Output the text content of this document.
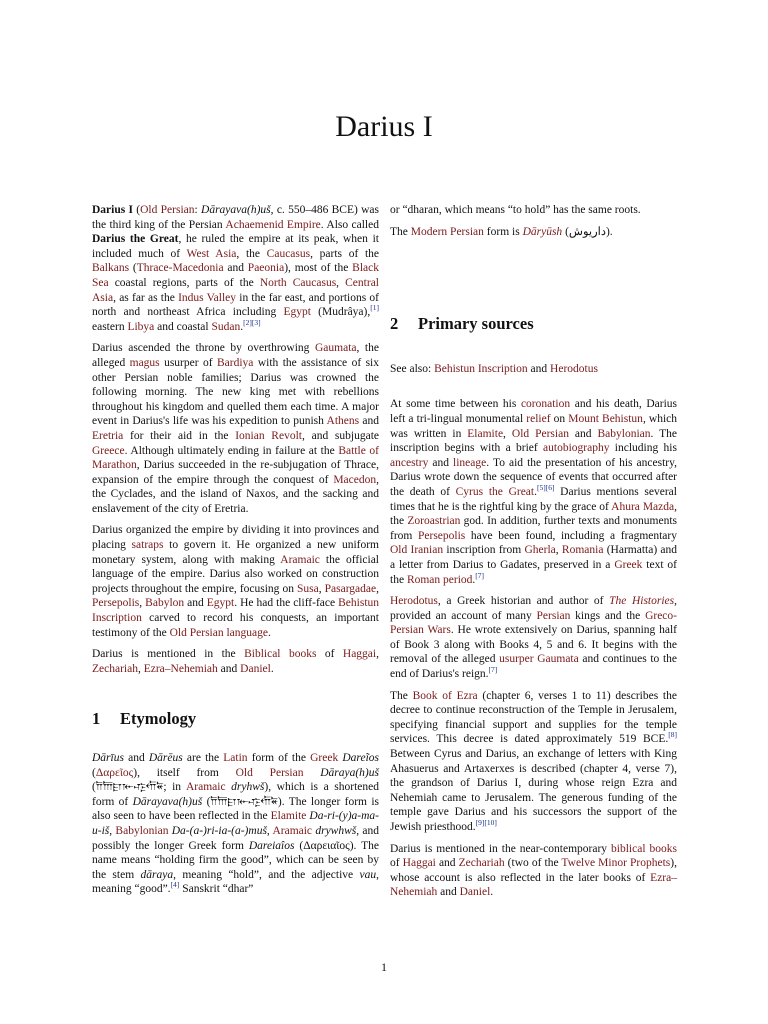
Darius I

Darius I (Old Persian: Dārayava(h)uš, c. 550–486 BCE) was the third king of the Persian Achaemenid Empire. Also called Darius the Great, he ruled the empire at its peak, when it included much of West Asia, the Caucasus, parts of the Balkans (Thrace-Macedonia and Paeonia), most of the Black Sea coastal regions, parts of the North Caucasus, Central Asia, as far as the Indus Valley in the far east, and portions of north and northeast Africa including Egypt (Mudrâya),[1] eastern Libya and coastal Sudan.[2][3]

Darius ascended the throne by overthrowing Gaumata, the alleged magus usurper of Bardiya with the assistance of six other Persian noble families; Darius was crowned the following morning. The new king met with rebellions throughout his kingdom and quelled them each time. A major event in Darius's life was his expedition to punish Athens and Eretria for their aid in the Ionian Revolt, and subjugate Greece. Although ultimately ending in failure at the Battle of Marathon, Darius succeeded in the re-subjugation of Thrace, expansion of the empire through the conquest of Macedon, the Cyclades, and the island of Naxos, and the sacking and enslavement of the city of Eretria.

Darius organized the empire by dividing it into provinces and placing satraps to govern it. He organized a new uniform monetary system, along with making Aramaic the official language of the empire. Darius also worked on construction projects throughout the empire, focusing on Susa, Pasargadae, Persepolis, Babylon and Egypt. He had the cliff-face Behistun Inscription carved to record his conquests, an important testimony of the Old Persian language.

Darius is mentioned in the Biblical books of Haggai, Zechariah, Ezra–Nehemiah and Daniel.

1 Etymology

Dārīus and Dārēus are the Latin form of the Greek Dareĩos (Δαρεῖος), itself from Old Persian Dāraya(h)uš (𐎭𐎠𐎼𐎹𐎺𐎢𐏁; in Aramaic dryhwš), which is a shortened form of Dārayava(h)uš (𐎭𐎠𐎼𐎹𐎺𐎢𐏁). The longer form is also seen to have been reflected in the Elamite Da-ri-(y)a-ma-u-iš, Babylonian Da-(a-)ri-ia-(a-)muš, Aramaic drywhwš, and possibly the longer Greek form Dareiaîos (Δαρειαῖος). The name means “holding firm the good”, which can be seen by the stem dāraya, meaning “hold”, and the adjective vau, meaning “good”.[4] Sanskrit “dhar”

or “dharan, which means “to hold” has the same roots.

The Modern Persian form is Dāryūsh (داریوش).

2 Primary sources

See also: Behistun Inscription and Herodotus

At some time between his coronation and his death, Darius left a tri-lingual monumental relief on Mount Behistun, which was written in Elamite, Old Persian and Babylonian. The inscription begins with a brief autobiography including his ancestry and lineage. To aid the presentation of his ancestry, Darius wrote down the sequence of events that occurred after the death of Cyrus the Great.[5][6] Darius mentions several times that he is the rightful king by the grace of Ahura Mazda, the Zoroastrian god. In addition, further texts and monuments from Persepolis have been found, including a fragmentary Old Iranian inscription from Gherla, Romania (Harmatta) and a letter from Darius to Gadates, preserved in a Greek text of the Roman period.[7]

Herodotus, a Greek historian and author of The Histories, provided an account of many Persian kings and the Greco-Persian Wars. He wrote extensively on Darius, spanning half of Book 3 along with Books 4, 5 and 6. It begins with the removal of the alleged usurper Gaumata and continues to the end of Darius's reign.[7]

The Book of Ezra (chapter 6, verses 1 to 11) describes the decree to continue reconstruction of the Temple in Jerusalem, specifying financial support and supplies for the temple services. This decree is dated approximately 519 BCE.[8] Between Cyrus and Darius, an exchange of letters with King Ahasuerus and Artaxerxes is described (chapter 4, verse 7), the grandson of Darius I, during whose reign Ezra and Nehemiah came to Jerusalem. The generous funding of the temple gave Darius and his successors the support of the Jewish priesthood.[9][10]

Darius is mentioned in the near-contemporary biblical books of Haggai and Zechariah (two of the Twelve Minor Prophets), whose account is also reflected in the later books of Ezra–Nehemiah and Daniel.

1
